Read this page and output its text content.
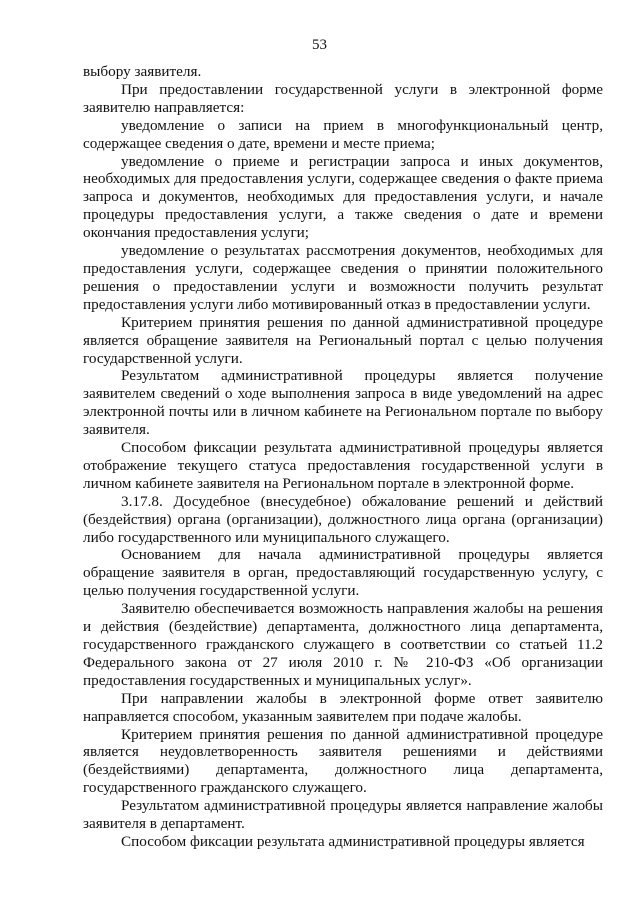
53

выбору заявителя.

При предоставлении государственной услуги в электронной форме заявителю направляется:

уведомление о записи на прием в многофункциональный центр, содержащее сведения о дате, времени и месте приема;

уведомление о приеме и регистрации запроса и иных документов, необходимых для предоставления услуги, содержащее сведения о факте приема запроса и документов, необходимых для предоставления услуги, и начале процедуры предоставления услуги, а также сведения о дате и времени окончания предоставления услуги;

уведомление о результатах рассмотрения документов, необходимых для предоставления услуги, содержащее сведения о принятии положительного решения о предоставлении услуги и возможности получить результат предоставления услуги либо мотивированный отказ в предоставлении услуги.

Критерием принятия решения по данной административной процедуре является обращение заявителя на Региональный портал с целью получения государственной услуги.

Результатом административной процедуры является получение заявителем сведений о ходе выполнения запроса в виде уведомлений на адрес электронной почты или в личном кабинете на Региональном портале по выбору заявителя.

Способом фиксации результата административной процедуры является отображение текущего статуса предоставления государственной услуги в личном кабинете заявителя на Региональном портале в электронной форме.

3.17.8. Досудебное (внесудебное) обжалование решений и действий (бездействия) органа (организации), должностного лица органа (организации) либо государственного или муниципального служащего.

Основанием для начала административной процедуры является обращение заявителя в орган, предоставляющий государственную услугу, с целью получения государственной услуги.

Заявителю обеспечивается возможность направления жалобы на решения и действия (бездействие) департамента, должностного лица департамента, государственного гражданского служащего в соответствии со статьей 11.2 Федерального закона от 27 июля 2010 г. № 210-ФЗ «Об организации предоставления государственных и муниципальных услуг».

При направлении жалобы в электронной форме ответ заявителю направляется способом, указанным заявителем при подаче жалобы.

Критерием принятия решения по данной административной процедуре является неудовлетворенность заявителя решениями и действиями (бездействиями) департамента, должностного лица департамента, государственного гражданского служащего.

Результатом административной процедуры является направление жалобы заявителя в департамент.

Способом фиксации результата административной процедуры является
